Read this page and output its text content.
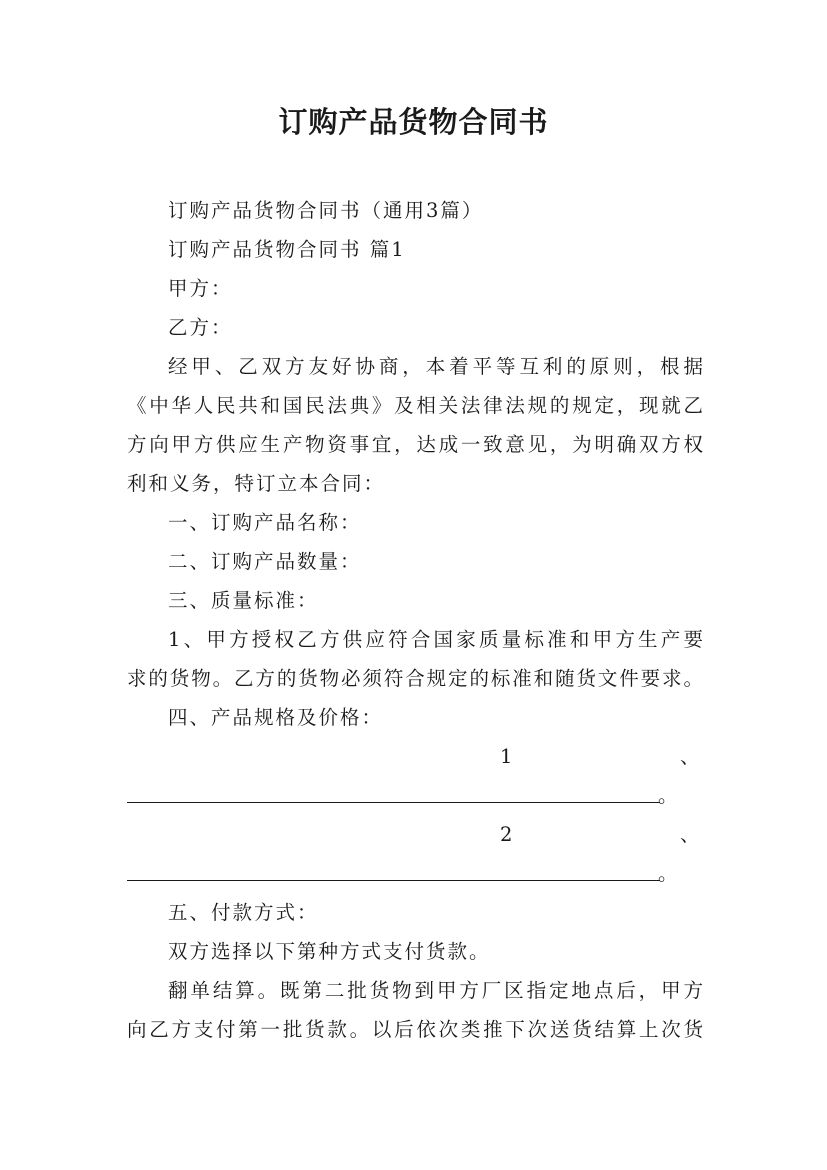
订购产品货物合同书
订购产品货物合同书（通用3篇）
订购产品货物合同书 篇1
甲方：
乙方：
经甲、乙双方友好协商，本着平等互利的原则，根据
《中华人民共和国民法典》及相关法律法规的规定，现就乙
方向甲方供应生产物资事宜，达成一致意见，为明确双方权
利和义务，特订立本合同：
一、订购产品名称：
二、订购产品数量：
三、质量标准：
1、甲方授权乙方供应符合国家质量标准和甲方生产要
求的货物。乙方的货物必须符合规定的标准和随货文件要求。
四、产品规格及价格：
1	、
。
2	、
。
五、付款方式：
双方选择以下第种方式支付货款。
翻单结算。既第二批货物到甲方厂区指定地点后，甲方
向乙方支付第一批货款。以后依次类推下次送货结算上次货
